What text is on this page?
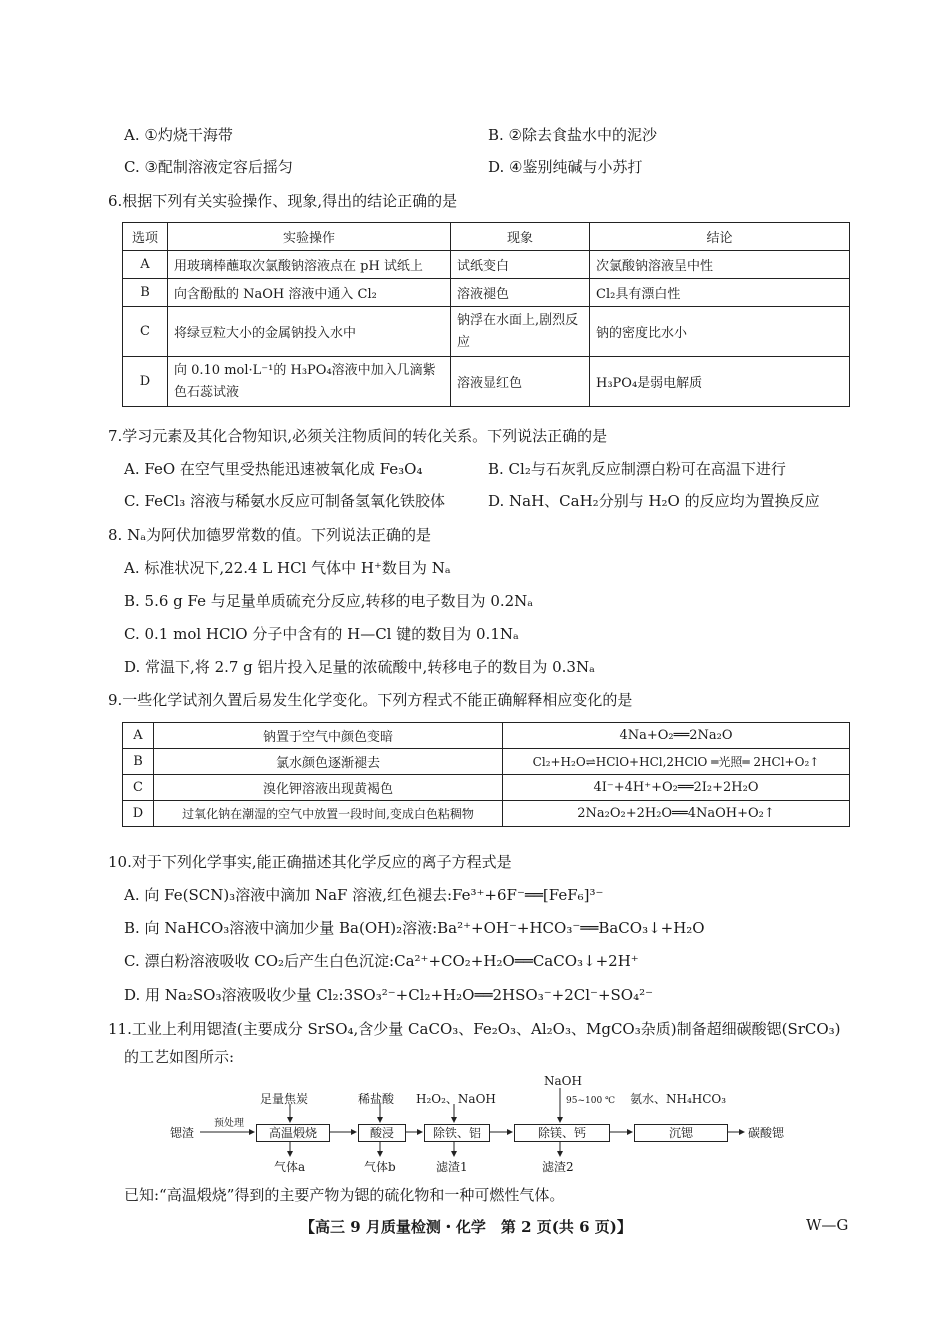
A. ①灼烧干海带	B. ②除去食盐水中的泥沙
C. ③配制溶液定容后摇匀	D. ④鉴别纯碱与小苏打
6.根据下列有关实验操作、现象,得出的结论正确的是
选项	实验操作	现象	结论
A	用玻璃棒蘸取次氯酸钠溶液点在 pH 试纸上	试纸变白	次氯酸钠溶液呈中性
B	向含酚酞的 NaOH 溶液中通入 Cl₂	溶液褪色	Cl₂具有漂白性
C	将绿豆粒大小的金属钠投入水中	钠浮在水面上,剧烈反应	钠的密度比水小
D	向 0.10 mol·L⁻¹的 H₃PO₄溶液中加入几滴紫色石蕊试液	溶液显红色	H₃PO₄是弱电解质
7.学习元素及其化合物知识,必须关注物质间的转化关系。下列说法正确的是
A. FeO 在空气里受热能迅速被氧化成 Fe₃O₄	B. Cl₂与石灰乳反应制漂白粉可在高温下进行
C. FeCl₃ 溶液与稀氨水反应可制备氢氧化铁胶体	D. NaH、CaH₂分别与 H₂O 的反应均为置换反应
8. Nₐ为阿伏加德罗常数的值。下列说法正确的是
A. 标准状况下,22.4 L HCl 气体中 H⁺数目为 Nₐ
B. 5.6 g Fe 与足量单质硫充分反应,转移的电子数目为 0.2Nₐ
C. 0.1 mol HClO 分子中含有的 H—Cl 键的数目为 0.1Nₐ
D. 常温下,将 2.7 g 铝片投入足量的浓硫酸中,转移电子的数目为 0.3Nₐ
9.一些化学试剂久置后易发生化学变化。下列方程式不能正确解释相应变化的是
A	钠置于空气中颜色变暗	4Na+O₂══2Na₂O
B	氯水颜色逐渐褪去	Cl₂+H₂O⇌HClO+HCl,2HClO ═光照═ 2HCl+O₂↑
C	溴化钾溶液出现黄褐色	4I⁻+4H⁺+O₂══2I₂+2H₂O
D	过氧化钠在潮湿的空气中放置一段时间,变成白色粘稠物	2Na₂O₂+2H₂O══4NaOH+O₂↑
10.对于下列化学事实,能正确描述其化学反应的离子方程式是
A. 向 Fe(SCN)₃溶液中滴加 NaF 溶液,红色褪去:Fe³⁺+6F⁻══[FeF₆]³⁻
B. 向 NaHCO₃溶液中滴加少量 Ba(OH)₂溶液:Ba²⁺+OH⁻+HCO₃⁻══BaCO₃↓+H₂O
C. 漂白粉溶液吸收 CO₂后产生白色沉淀:Ca²⁺+CO₂+H₂O══CaCO₃↓+2H⁺
D. 用 Na₂SO₃溶液吸收少量 Cl₂:3SO₃²⁻+Cl₂+H₂O══2HSO₃⁻+2Cl⁻+SO₄²⁻
11.工业上利用锶渣(主要成分 SrSO₄,含少量 CaCO₃、Fe₂O₃、Al₂O₃、MgCO₃杂质)制备超细碳酸锶(SrCO₃)
的工艺如图所示:
锶渣
预处理
高温煅烧	酸浸	除铁、铝	除镁、钙	沉锶	碳酸锶
足量焦炭	稀盐酸 H₂O₂、NaOH
NaOH
95~100 ℃ 氨水、NH₄HCO₃
气体a	气体b	滤渣1	滤渣2
已知:“高温煅烧”得到的主要产物为锶的硫化物和一种可燃性气体。
【高三 9 月质量检测・化学　第 2 页(共 6 页)】	W—G
